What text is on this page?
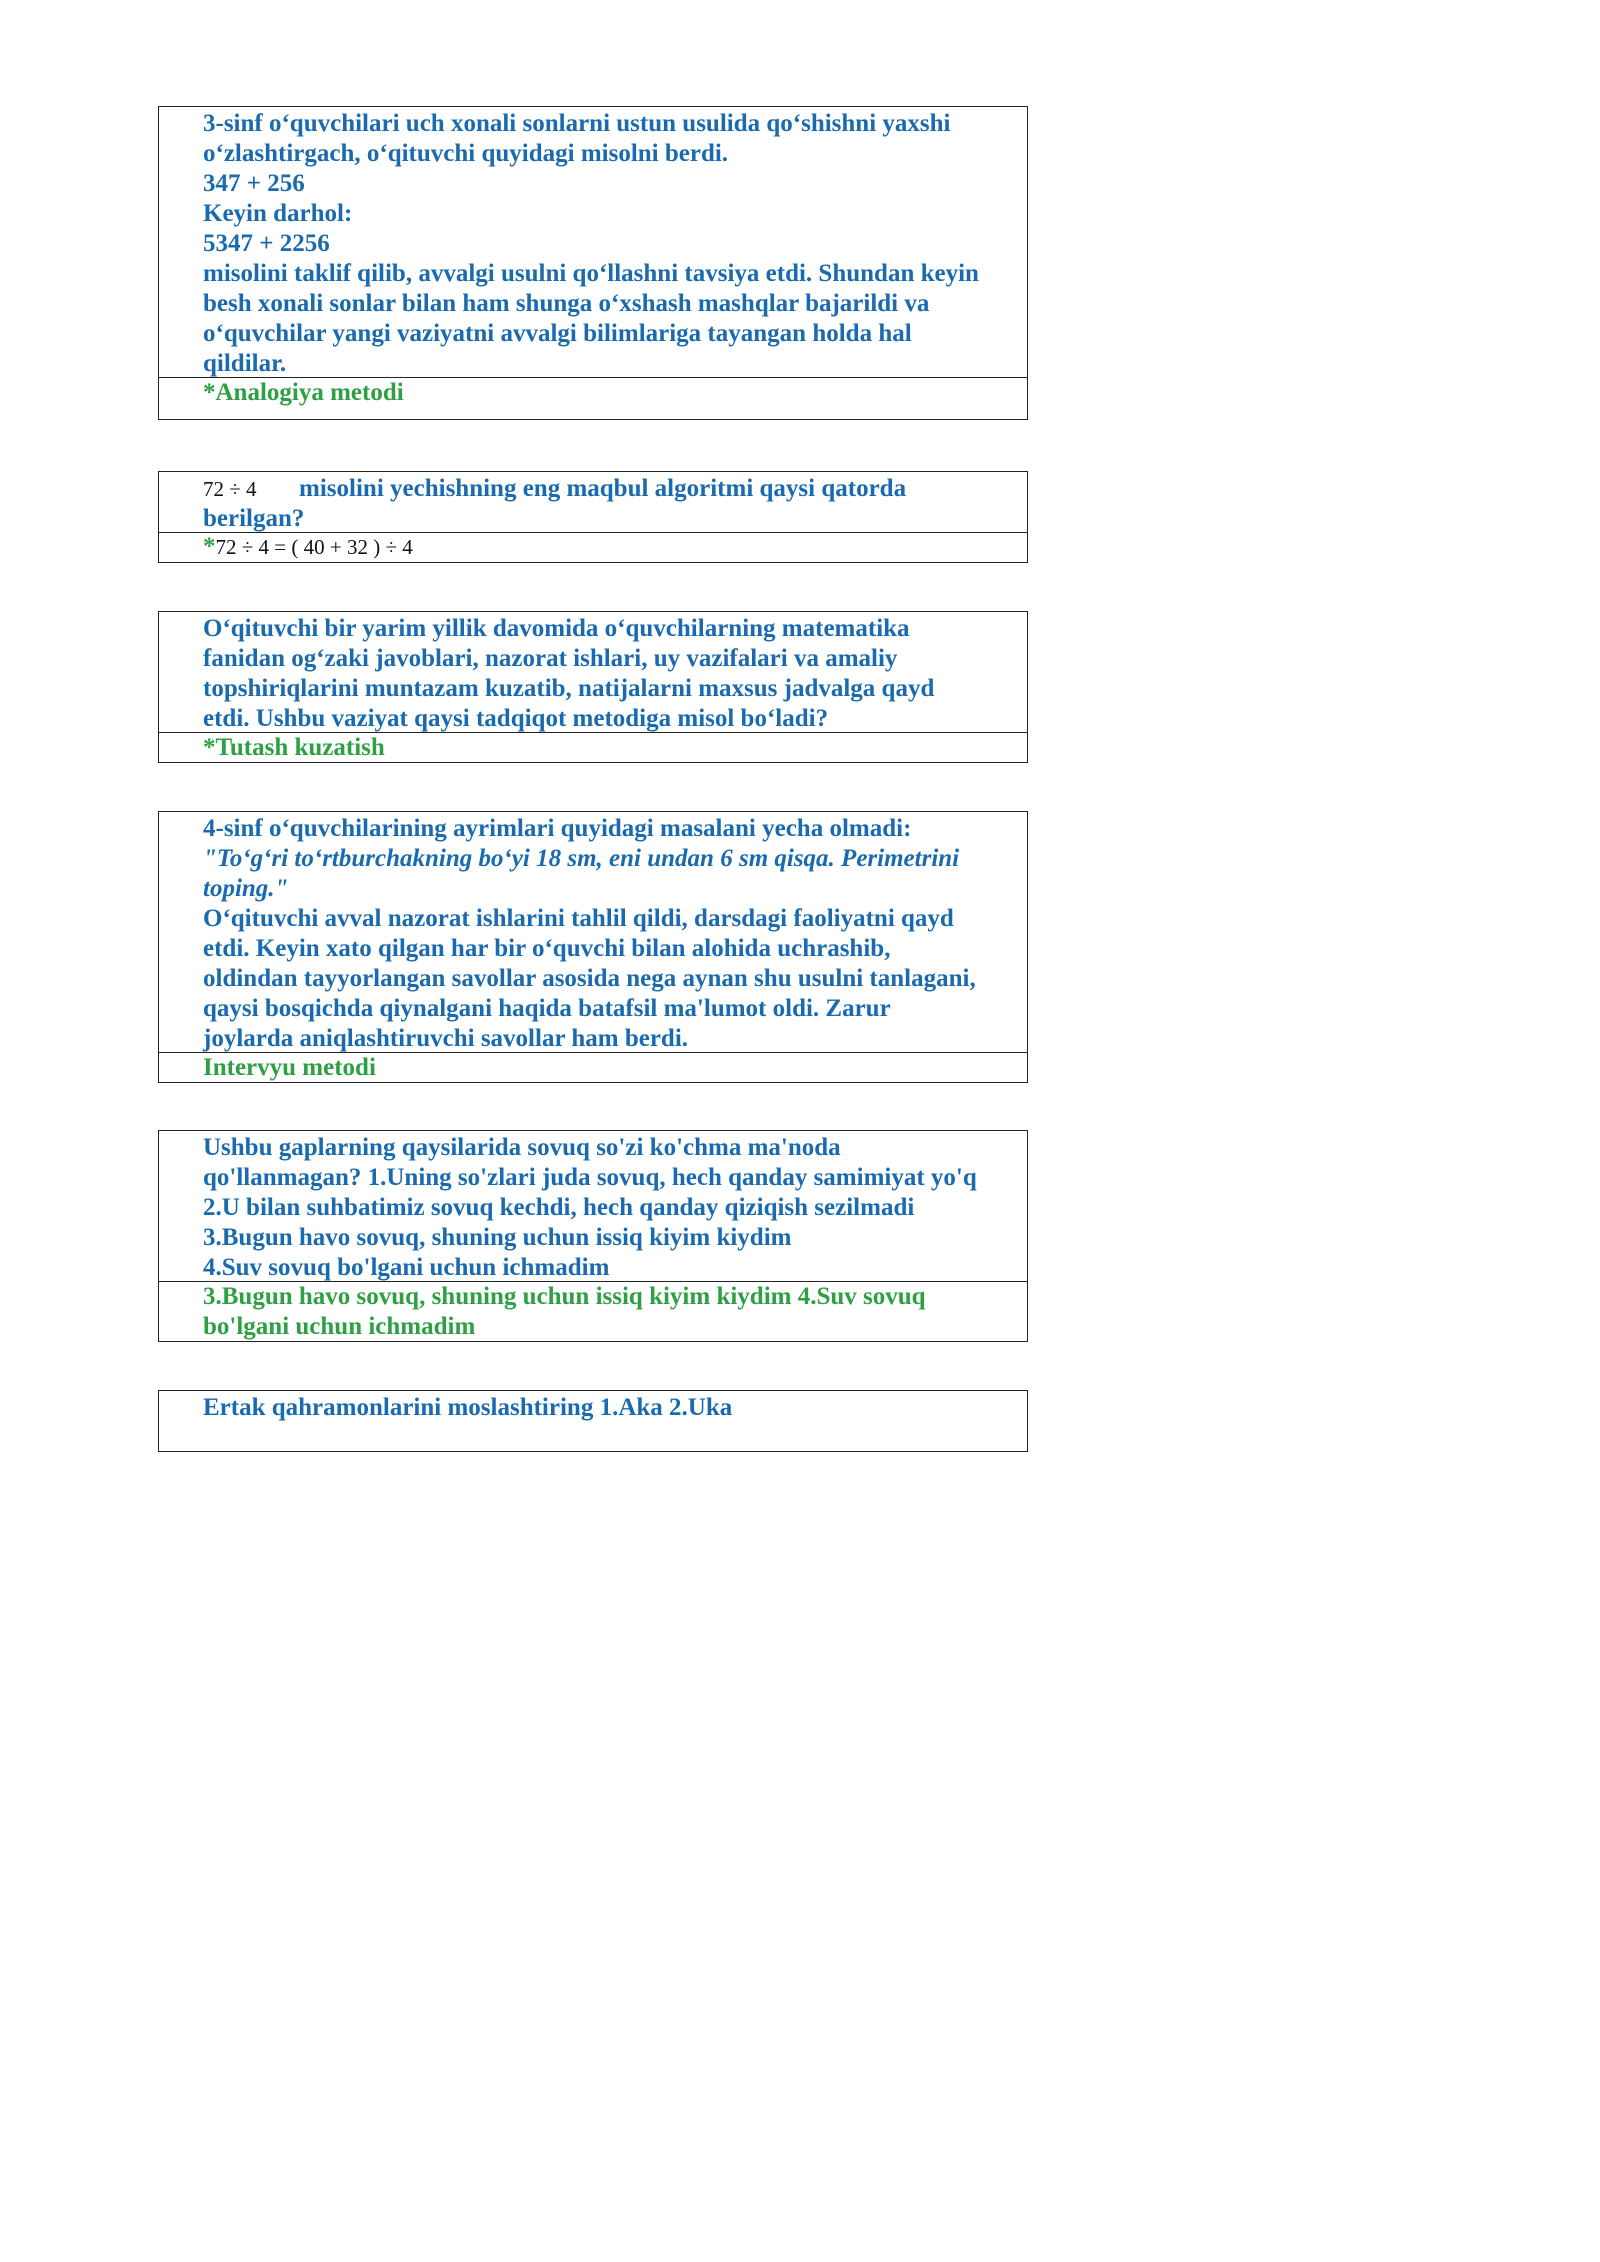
3-sinf o‘quvchilari uch xonali sonlarni ustun usulida qo‘shishni yaxshi
o‘zlashtirgach, o‘qituvchi quyidagi misolni berdi.
347 + 256
Keyin darhol:
5347 + 2256
misolini taklif qilib, avvalgi usulni qo‘llashni tavsiya etdi. Shundan keyin
besh xonali sonlar bilan ham shunga o‘xshash mashqlar bajarildi va
o‘quvchilar yangi vaziyatni avvalgi bilimlariga tayangan holda hal
qildilar.
*Analogiya metodi
72 ÷ 4 misolini yechishning eng maqbul algoritmi qaysi qatorda
berilgan?
*72 ÷ 4 = ( 40 + 32 ) ÷ 4
O‘qituvchi bir yarim yillik davomida o‘quvchilarning matematika
fanidan og‘zaki javoblari, nazorat ishlari, uy vazifalari va amaliy
topshiriqlarini muntazam kuzatib, natijalarni maxsus jadvalga qayd
etdi. Ushbu vaziyat qaysi tadqiqot metodiga misol bo‘ladi?
*Tutash kuzatish
4-sinf o‘quvchilarining ayrimlari quyidagi masalani yecha olmadi:
"To‘g‘ri to‘rtburchakning bo‘yi 18 sm, eni undan 6 sm qisqa. Perimetrini
toping."
O‘qituvchi avval nazorat ishlarini tahlil qildi, darsdagi faoliyatni qayd
etdi. Keyin xato qilgan har bir o‘quvchi bilan alohida uchrashib,
oldindan tayyorlangan savollar asosida nega aynan shu usulni tanlagani,
qaysi bosqichda qiynalgani haqida batafsil ma'lumot oldi. Zarur
joylarda aniqlashtiruvchi savollar ham berdi.
Intervyu metodi
Ushbu gaplarning qaysilarida sovuq so'zi ko'chma ma'noda
qo'llanmagan? 1.Uning so'zlari juda sovuq, hech qanday samimiyat yo'q
2.U bilan suhbatimiz sovuq kechdi, hech qanday qiziqish sezilmadi
3.Bugun havo sovuq, shuning uchun issiq kiyim kiydim
4.Suv sovuq bo'lgani uchun ichmadim
3.Bugun havo sovuq, shuning uchun issiq kiyim kiydim 4.Suv sovuq
bo'lgani uchun ichmadim
Ertak qahramonlarini moslashtiring 1.Aka 2.Uka
